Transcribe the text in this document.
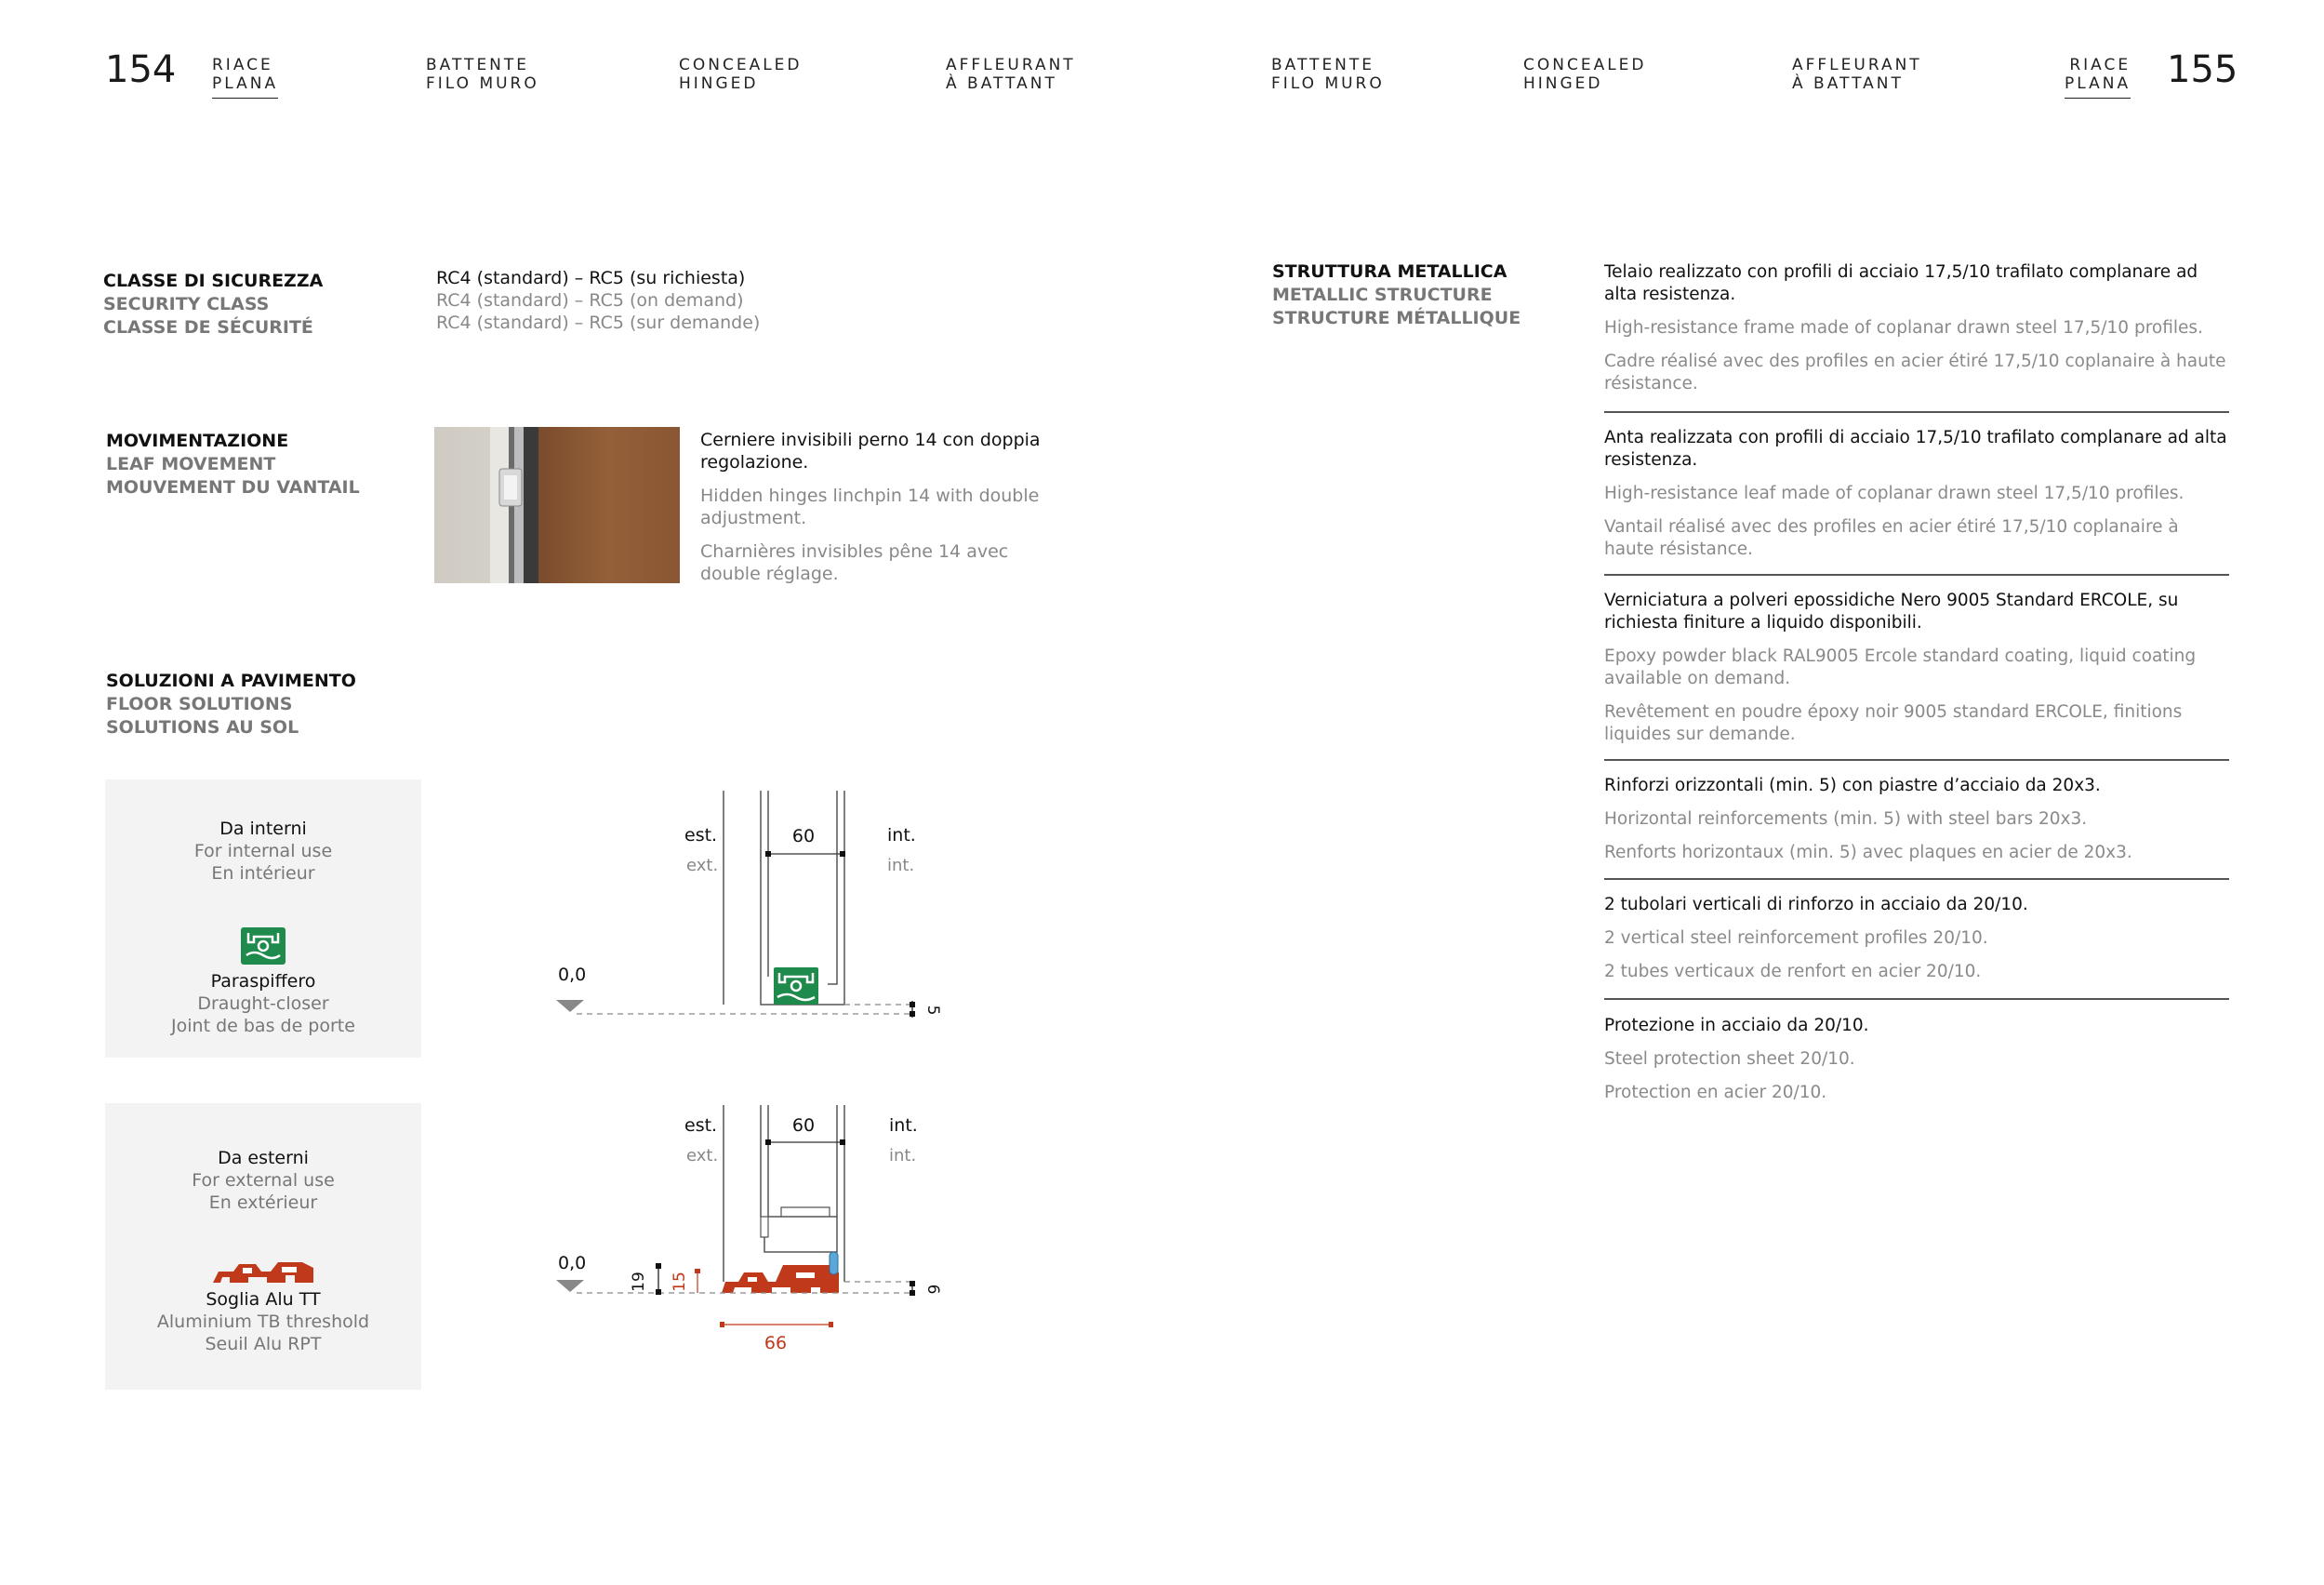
154	155
RIACE
PLANA
BATTENTE
FILO MURO
CONCEALED
HINGED
AFFLEURANT
À BATTANT
BATTENTE
FILO MURO
CONCEALED
HINGED
AFFLEURANT
À BATTANT
RIACE
PLANA
CLASSE DI SICUREZZA
SECURITY CLASS
CLASSE DE SÉCURITÉ
RC4 (standard) – RC5 (su richiesta)
RC4 (standard) – RC5 (on demand)
RC4 (standard) – RC5 (sur demande)
MOVIMENTAZIONE
LEAF MOVEMENT
MOUVEMENT DU VANTAIL
Cerniere invisibili perno 14 con doppia regolazione.
Hidden hinges linchpin 14 with double adjustment.
Charnières invisibles pêne 14 avec double réglage.
SOLUZIONI A PAVIMENTO
FLOOR SOLUTIONS
SOLUTIONS AU SOL
Da interni
For internal use
En intérieur
Paraspiffero
Draught-closer
Joint de bas de porte
Da esterni
For external use
En extérieur
Soglia Alu TT
Aluminium TB threshold
Seuil Alu RPT
60
est.
ext.
int.
int.
0,0
5
60
est.
ext.
int.
int.
0,0
19 15	6
66
STRUTTURA METALLICA
METALLIC STRUCTURE
STRUCTURE MÉTALLIQUE
Telaio realizzato con profili di acciaio 17,5/10 trafilato complanare ad alta resistenza.
High-resistance frame made of coplanar drawn steel 17,5/10 profiles.
Cadre réalisé avec des profiles en acier étiré 17,5/10 coplanaire à haute résistance.
Anta realizzata con profili di acciaio 17,5/10 trafilato complanare ad alta resistenza.
High-resistance leaf made of coplanar drawn steel 17,5/10 profiles.
Vantail réalisé avec des profiles en acier étiré 17,5/10 coplanaire à haute résistance.
Verniciatura a polveri epossidiche Nero 9005 Standard ERCOLE, su richiesta finiture a liquido disponibili.
Epoxy powder black RAL9005 Ercole standard coating, liquid coating available on demand.
Revêtement en poudre époxy noir 9005 standard ERCOLE, finitions liquides sur demande.
Rinforzi orizzontali (min. 5) con piastre d’acciaio da 20x3.
Horizontal reinforcements (min. 5) with steel bars 20x3.
Renforts horizontaux (min. 5) avec plaques en acier de 20x3.
2 tubolari verticali di rinforzo in acciaio da 20/10.
2 vertical steel reinforcement profiles 20/10.
2 tubes verticaux de renfort en acier 20/10.
Protezione in acciaio da 20/10.
Steel protection sheet 20/10.
Protection en acier 20/10.
